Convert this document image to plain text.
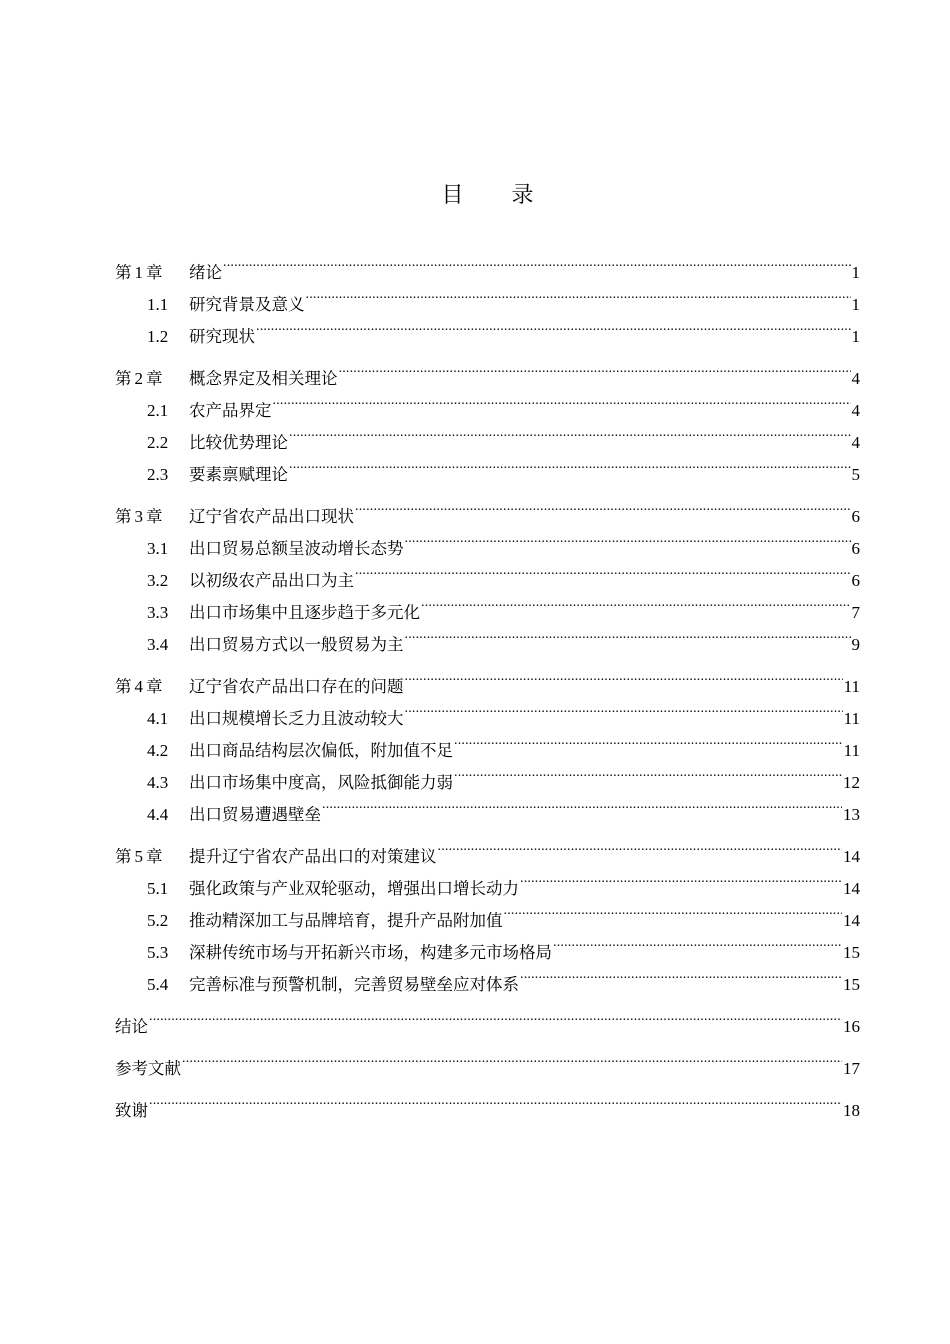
目 录
第 1 章	绪论 .....	1
1.1	研究背景及意义 .....	1
1.2	研究现状 .....	1
第 2 章	概念界定及相关理论 .....	4
2.1	农产品界定 .....	4
2.2	比较优势理论 .....	4
2.3	要素禀赋理论 .....	5
第 3 章	辽宁省农产品出口现状 .....	6
3.1	出口贸易总额呈波动增长态势 .....	6
3.2	以初级农产品出口为主 .....	6
3.3	出口市场集中且逐步趋于多元化 .....	7
3.4	出口贸易方式以一般贸易为主 .....	9
第 4 章	辽宁省农产品出口存在的问题 .....	11
4.1	出口规模增长乏力且波动较大 .....	11
4.2	出口商品结构层次偏低，附加值不足 .....	11
4.3	出口市场集中度高，风险抵御能力弱 .....	12
4.4	出口贸易遭遇壁垒 .....	13
第 5 章	提升辽宁省农产品出口的对策建议 .....	14
5.1	强化政策与产业双轮驱动，增强出口增长动力 .....	14
5.2	推动精深加工与品牌培育，提升产品附加值 .....	14
5.3	深耕传统市场与开拓新兴市场，构建多元市场格局 .....	15
5.4	完善标准与预警机制，完善贸易壁垒应对体系 .....	15
结论 .....	16
参考文献 .....	17
致谢 .....	18
